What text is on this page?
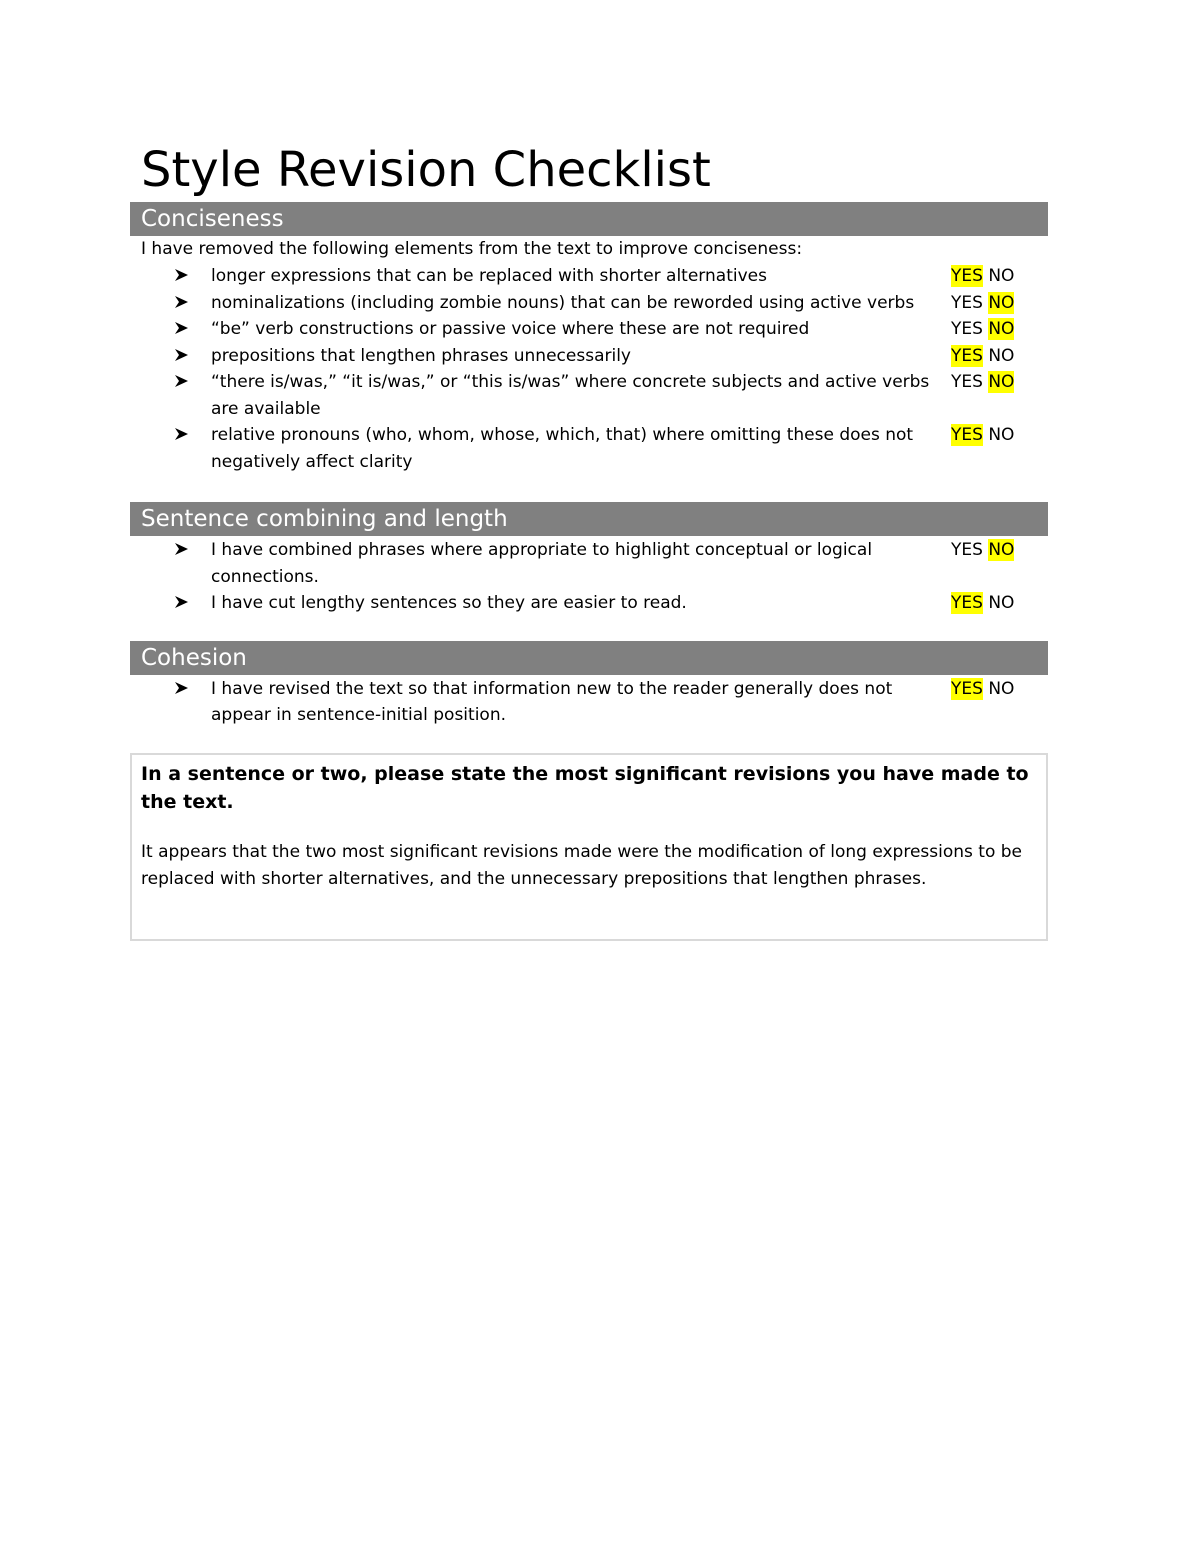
Style Revision Checklist
Conciseness
I have removed the following elements from the text to improve conciseness:
longer expressions that can be replaced with shorter alternatives	YES NO
nominalizations (including zombie nouns) that can be reworded using active verbs	YES NO
“be” verb constructions or passive voice where these are not required	YES NO
prepositions that lengthen phrases unnecessarily	YES NO
“there is/was,” “it is/was,” or “this is/was” where concrete subjects and active verbs are available
YES NO
relative pronouns (who, whom, whose, which, that) where omitting these does not negatively affect clarity
YES NO
Sentence combining and length
I have combined phrases where appropriate to highlight conceptual or logical connections.
YES NO
I have cut lengthy sentences so they are easier to read.	YES NO
Cohesion
I have revised the text so that information new to the reader generally does not appear in sentence-initial position.
YES NO
In a sentence or two, please state the most significant revisions you have made to the text.
It appears that the two most significant revisions made were the modification of long expressions to be replaced with shorter alternatives, and the unnecessary prepositions that lengthen phrases.
